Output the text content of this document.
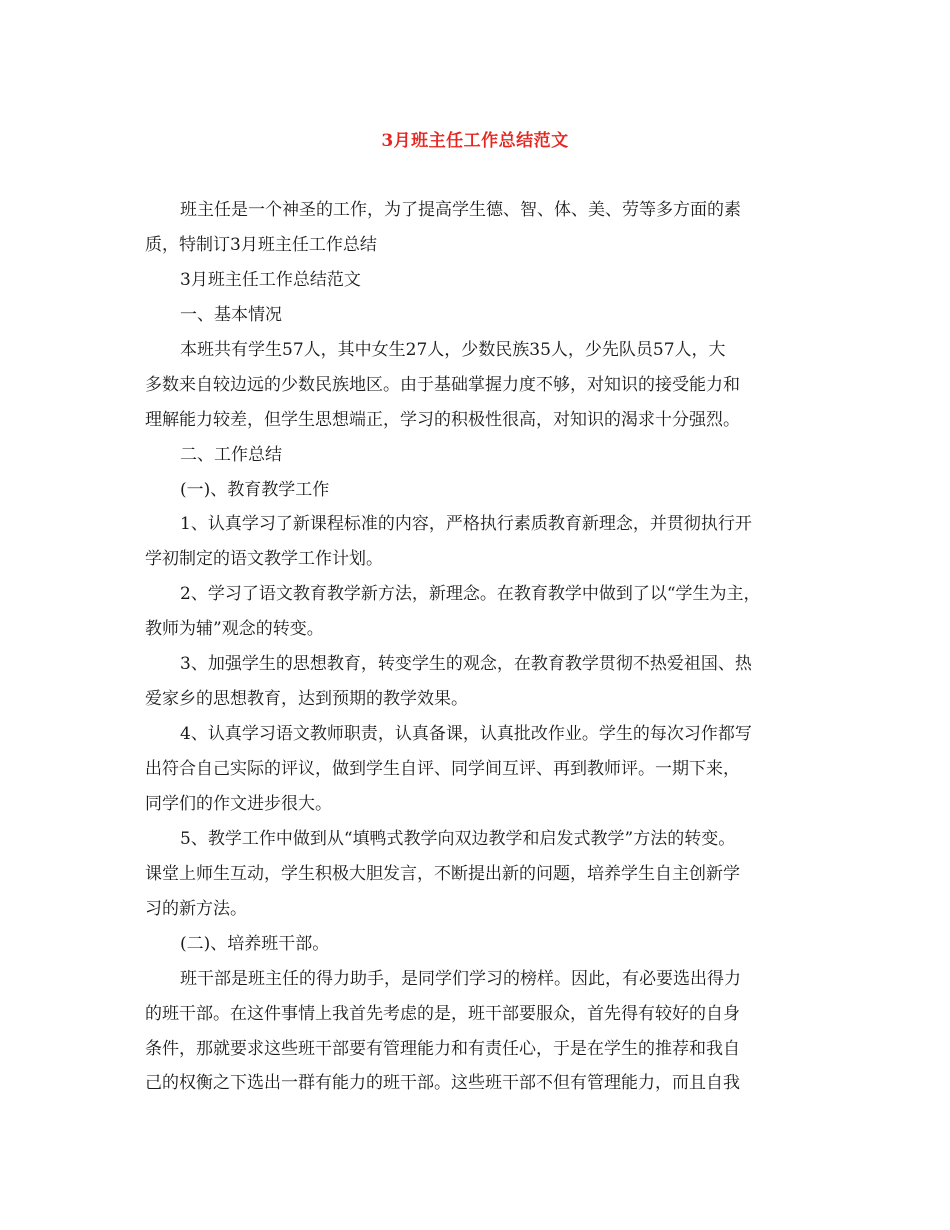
3月班主任工作总结范文
班主任是一个神圣的工作，为了提高学生德、智、体、美、劳等多方面的素
质，特制订3月班主任工作总结
3月班主任工作总结范文
一、基本情况
本班共有学生57人，其中女生27人，少数民族35人，少先队员57人，大
多数来自较边远的少数民族地区。由于基础掌握力度不够，对知识的接受能力和
理解能力较差，但学生思想端正，学习的积极性很高，对知识的渴求十分强烈。
二、工作总结
(一)、教育教学工作
1、认真学习了新课程标准的内容，严格执行素质教育新理念，并贯彻执行开
学初制定的语文教学工作计划。
2、学习了语文教育教学新方法，新理念。在教育教学中做到了以“学生为主，
教师为辅”观念的转变。
3、加强学生的思想教育，转变学生的观念，在教育教学贯彻不热爱祖国、热
爱家乡的思想教育，达到预期的教学效果。
4、认真学习语文教师职责，认真备课，认真批改作业。学生的每次习作都写
出符合自己实际的评议，做到学生自评、同学间互评、再到教师评。一期下来，
同学们的作文进步很大。
5、教学工作中做到从“填鸭式教学向双边教学和启发式教学”方法的转变。
课堂上师生互动，学生积极大胆发言，不断提出新的问题，培养学生自主创新学
习的新方法。
(二)、培养班干部。
班干部是班主任的得力助手，是同学们学习的榜样。因此，有必要选出得力
的班干部。在这件事情上我首先考虑的是，班干部要服众，首先得有较好的自身
条件，那就要求这些班干部要有管理能力和有责任心，于是在学生的推荐和我自
己的权衡之下选出一群有能力的班干部。这些班干部不但有管理能力，而且自我
